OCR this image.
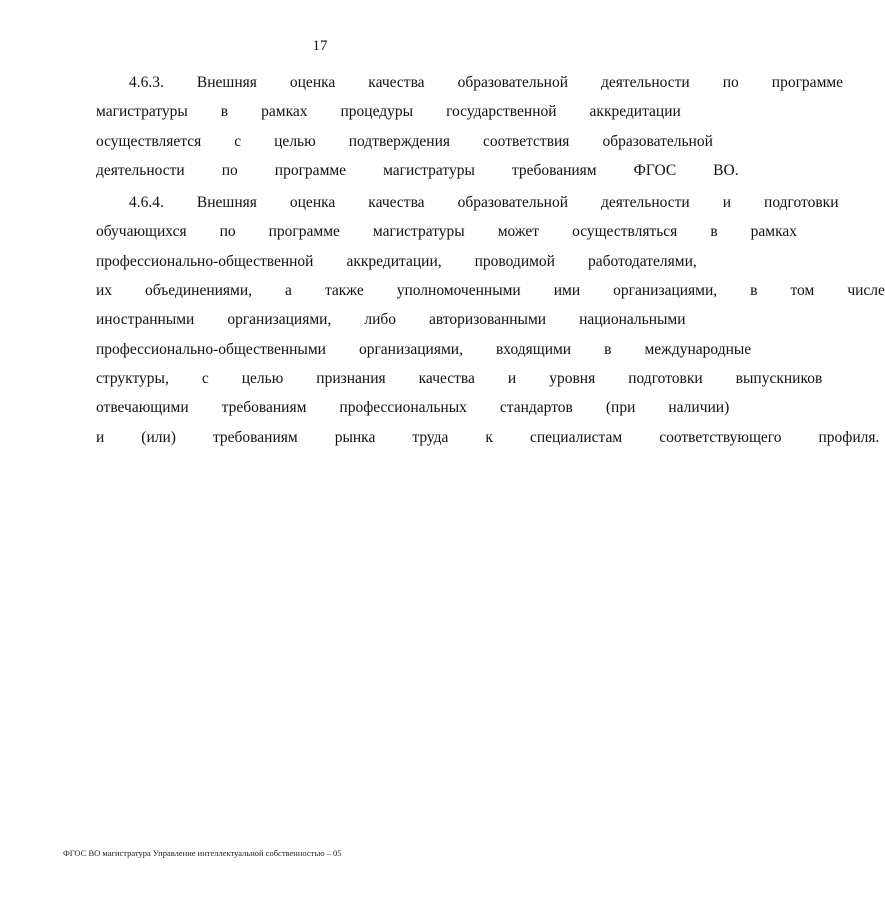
17
4.6.3.	Внешняя	оценка	качества	образовательной	деятельности	по	программе
магистратуры	в	рамках	процедуры	государственной	аккредитации
осуществляется	с	целью	подтверждения	соответствия	образовательной
деятельности	по	программе	магистратуры	требованиям	ФГОС	ВО.
4.6.4.	Внешняя	оценка	качества	образовательной	деятельности	и	подготовки
обучающихся	по	программе	магистратуры	может	осуществляться	в	рамках
профессионально-общественной	аккредитации,	проводимой	работодателями,
их	объединениями,	а	также	уполномоченными	ими	организациями,	в	том	числе
иностранными	организациями,	либо	авторизованными	национальными
профессионально-общественными	организациями,	входящими	в	международные
структуры,	с	целью	признания	качества	и	уровня	подготовки	выпускников
отвечающими	требованиям	профессиональных	стандартов	(при	наличии)
и	(или)	требованиям	рынка	труда	к	специалистам	соответствующего	профиля.
ФГОС ВО магистратура Управление интеллектуальной собственностью – 05
